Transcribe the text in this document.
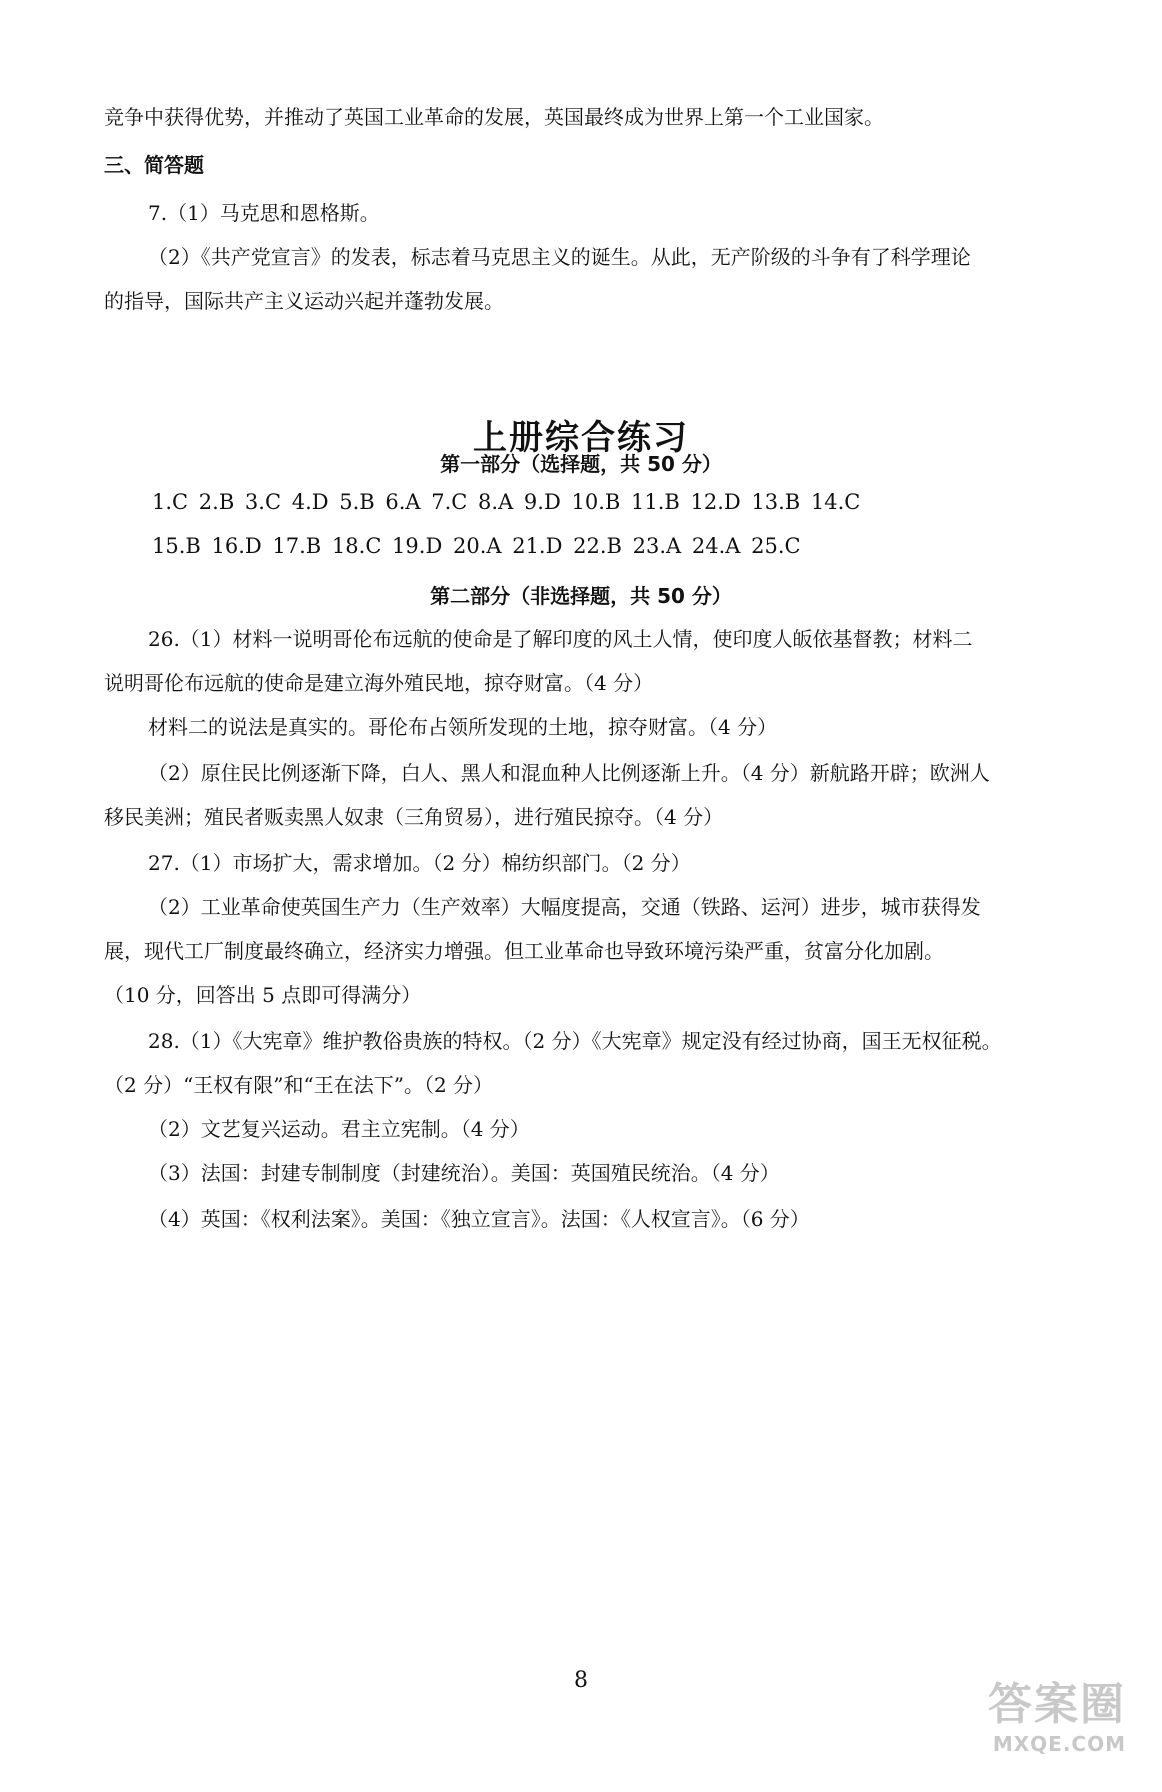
竞争中获得优势，并推动了英国工业革命的发展，英国最终成为世界上第一个工业国家。
三、简答题
7.（1）马克思和恩格斯。
（2）《共产党宣言》的发表，标志着马克思主义的诞生。从此，无产阶级的斗争有了科学理论
的指导，国际共产主义运动兴起并蓬勃发展。
上册综合练习
第一部分（选择题，共 50 分）
1.C 2.B 3.C 4.D 5.B 6.A 7.C 8.A 9.D 10.B 11.B 12.D 13.B 14.C
15.B 16.D 17.B 18.C 19.D 20.A 21.D 22.B 23.A 24.A 25.C
第二部分（非选择题，共 50 分）
26.（1）材料一说明哥伦布远航的使命是了解印度的风土人情，使印度人皈依基督教；材料二
说明哥伦布远航的使命是建立海外殖民地，掠夺财富。（4 分）
材料二的说法是真实的。哥伦布占领所发现的土地，掠夺财富。（4 分）
（2）原住民比例逐渐下降，白人、黑人和混血种人比例逐渐上升。（4 分）新航路开辟；欧洲人
移民美洲；殖民者贩卖黑人奴隶（三角贸易），进行殖民掠夺。（4 分）
27.（1）市场扩大，需求增加。（2 分）棉纺织部门。（2 分）
（2）工业革命使英国生产力（生产效率）大幅度提高，交通（铁路、运河）进步，城市获得发
展，现代工厂制度最终确立，经济实力增强。但工业革命也导致环境污染严重，贫富分化加剧。
（10 分，回答出 5 点即可得满分）
28.（1）《大宪章》维护教俗贵族的特权。（2 分）《大宪章》规定没有经过协商，国王无权征税。
（2 分）“王权有限”和“王在法下”。（2 分）
（2）文艺复兴运动。君主立宪制。（4 分）
（3）法国：封建专制制度（封建统治）。美国：英国殖民统治。（4 分）
（4）英国：《权利法案》。美国：《独立宣言》。法国：《人权宣言》。（6 分）
8	答案圈
MXQE.COM
